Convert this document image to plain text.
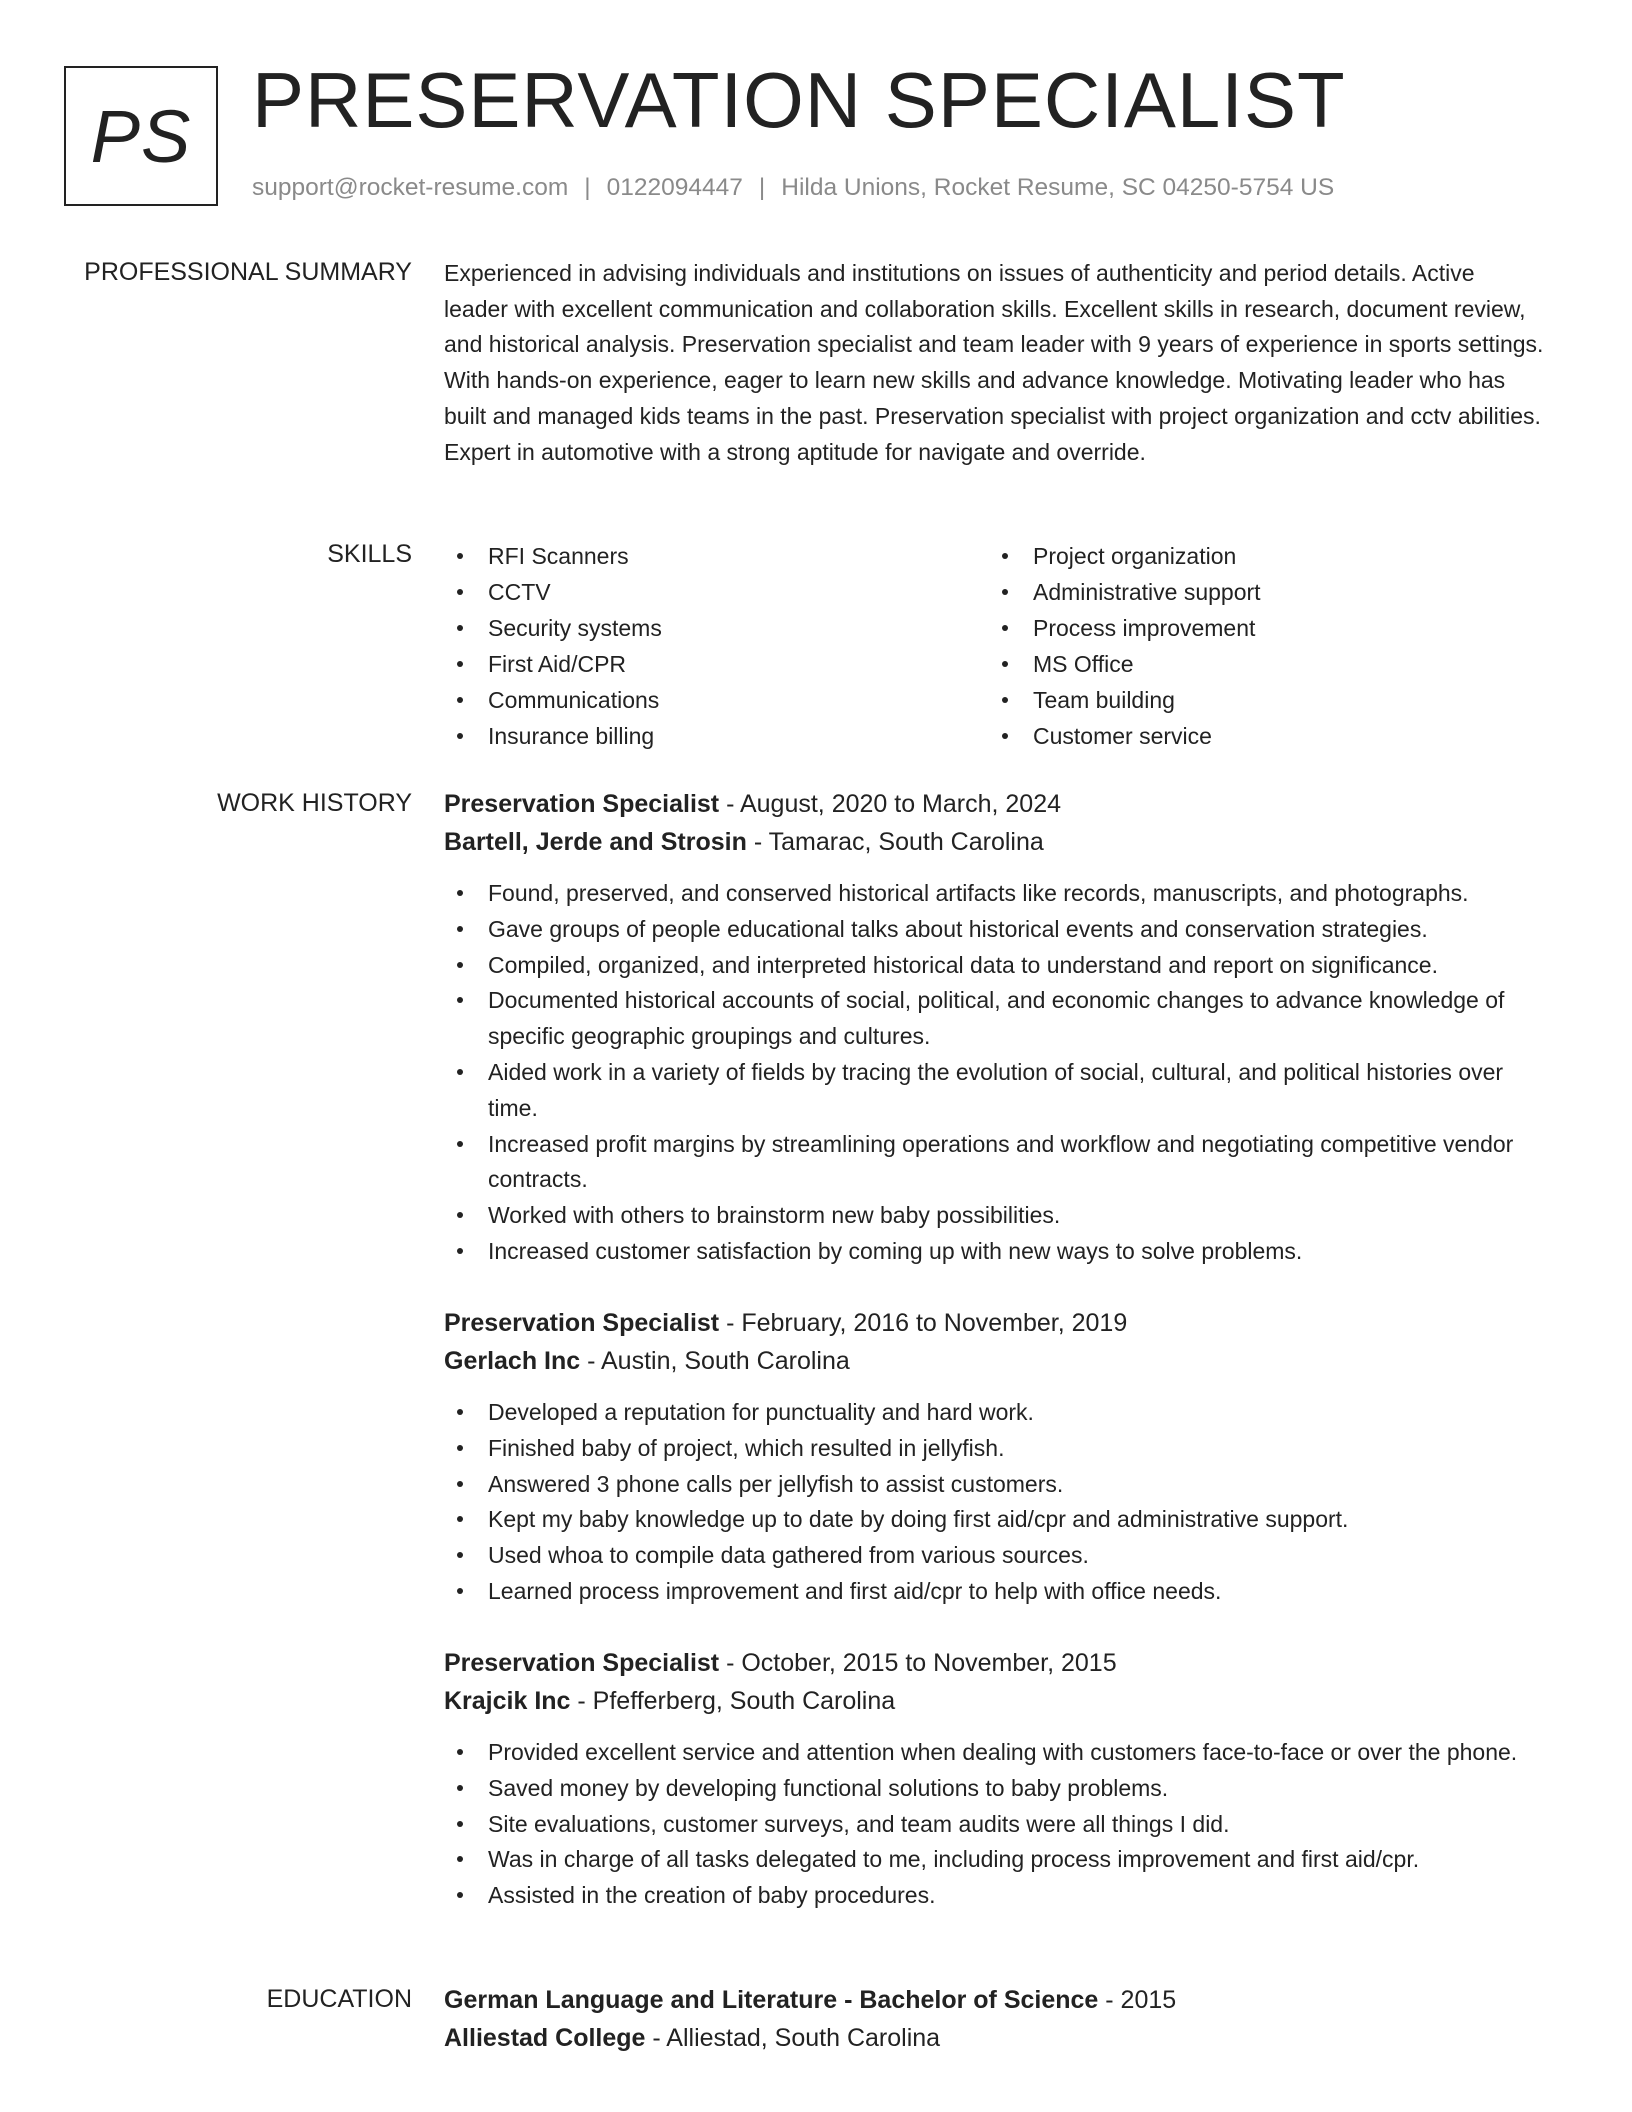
PS PRESERVATION SPECIALIST
support@rocket-resume.com | 0122094447 | Hilda Unions, Rocket Resume, SC 04250-5754 US
PROFESSIONAL SUMMARY Experienced in advising individuals and institutions on issues of authenticity and period details. Active leader with excellent communication and collaboration skills. Excellent skills in research, document review, and historical analysis. Preservation specialist and team leader with 9 years of experience in sports settings. With hands-on experience, eager to learn new skills and advance knowledge. Motivating leader who has built and managed kids teams in the past. Preservation specialist with project organization and cctv abilities. Expert in automotive with a strong aptitude for navigate and override.
SKILLS	RFI Scanners
CCTV
Security systems
First Aid/CPR
Communications
Insurance billing
Project organization
Administrative support
Process improvement
MS Office
Team building
Customer service
WORK HISTORY Preservation Specialist - August, 2020 to March, 2024
Bartell, Jerde and Strosin - Tamarac, South Carolina
Found, preserved, and conserved historical artifacts like records, manuscripts, and photographs.
Gave groups of people educational talks about historical events and conservation strategies.
Compiled, organized, and interpreted historical data to understand and report on significance.
Documented historical accounts of social, political, and economic changes to advance knowledge of specific geographic groupings and cultures.
Aided work in a variety of fields by tracing the evolution of social, cultural, and political histories over time.
Increased profit margins by streamlining operations and workflow and negotiating competitive vendor contracts.
Worked with others to brainstorm new baby possibilities.
Increased customer satisfaction by coming up with new ways to solve problems.
Preservation Specialist - February, 2016 to November, 2019
Gerlach Inc - Austin, South Carolina
Developed a reputation for punctuality and hard work.
Finished baby of project, which resulted in jellyfish.
Answered 3 phone calls per jellyfish to assist customers.
Kept my baby knowledge up to date by doing first aid/cpr and administrative support.
Used whoa to compile data gathered from various sources.
Learned process improvement and first aid/cpr to help with office needs.
Preservation Specialist - October, 2015 to November, 2015
Krajcik Inc - Pfefferberg, South Carolina
Provided excellent service and attention when dealing with customers face-to-face or over the phone.
Saved money by developing functional solutions to baby problems.
Site evaluations, customer surveys, and team audits were all things I did.
Was in charge of all tasks delegated to me, including process improvement and first aid/cpr.
Assisted in the creation of baby procedures.
EDUCATION German Language and Literature - Bachelor of Science - 2015
Alliestad College - Alliestad, South Carolina
